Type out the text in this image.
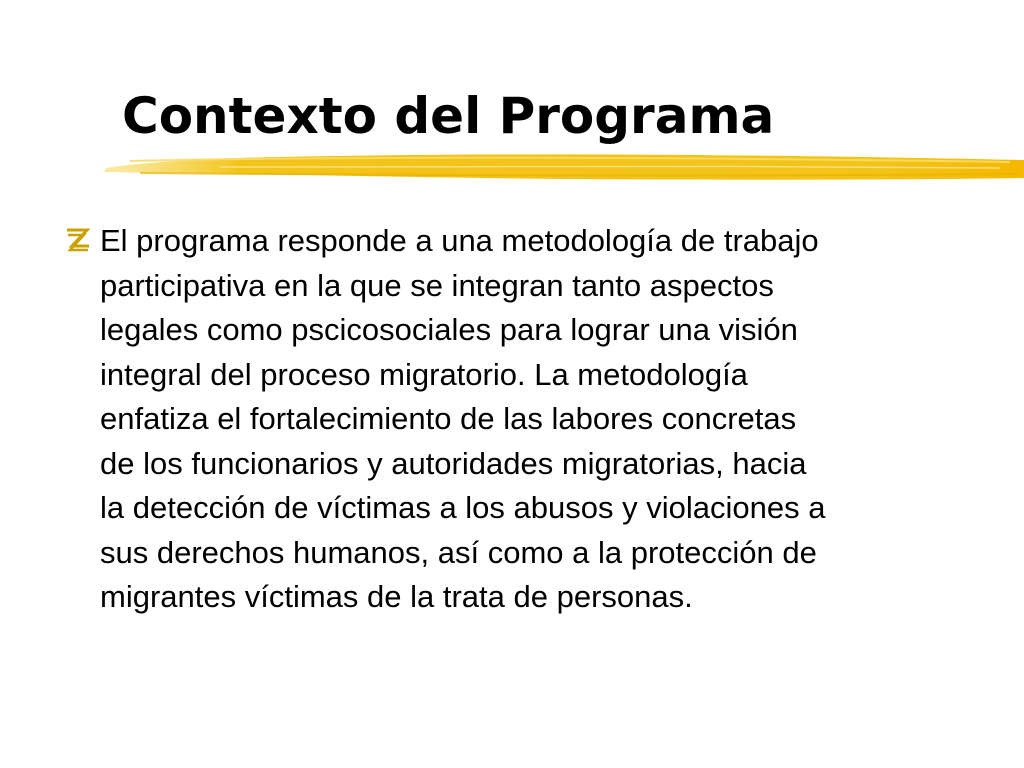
Contexto del Programa

El programa responde a una metodología de trabajo
participativa en la que se integran tanto aspectos
legales como pscicosociales para lograr una visión
integral del proceso migratorio. La metodología
enfatiza el fortalecimiento de las labores concretas
de los funcionarios y autoridades migratorias, hacia
la detección de víctimas a los abusos y violaciones a
sus derechos humanos, así como a la protección de
migrantes víctimas de la trata de personas.
